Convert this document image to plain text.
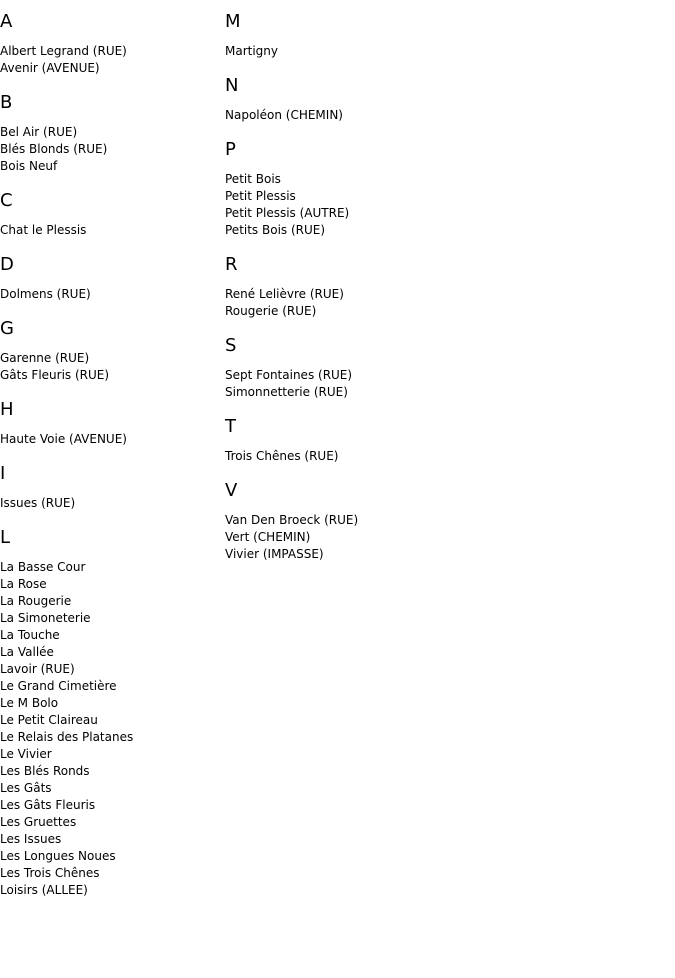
A
Albert Legrand (RUE)
Avenir (AVENUE)
B
Bel Air (RUE)
Blés Blonds (RUE)
Bois Neuf
C
Chat le Plessis
D
Dolmens (RUE)
G
Garenne (RUE)
Gâts Fleuris (RUE)
H
Haute Voie (AVENUE)
I
Issues (RUE)
L
La Basse Cour
La Rose
La Rougerie
La Simoneterie
La Touche
La Vallée
Lavoir (RUE)
Le Grand Cimetière
Le M Bolo
Le Petit Claireau
Le Relais des Platanes
Le Vivier
Les Blés Ronds
Les Gâts
Les Gâts Fleuris
Les Gruettes
Les Issues
Les Longues Noues
Les Trois Chênes
Loisirs (ALLEE)
M
Martigny
N
Napoléon (CHEMIN)
P
Petit Bois
Petit Plessis
Petit Plessis (AUTRE)
Petits Bois (RUE)
R
René Lelièvre (RUE)
Rougerie (RUE)
S
Sept Fontaines (RUE)
Simonnetterie (RUE)
T
Trois Chênes (RUE)
V
Van Den Broeck (RUE)
Vert (CHEMIN)
Vivier (IMPASSE)
